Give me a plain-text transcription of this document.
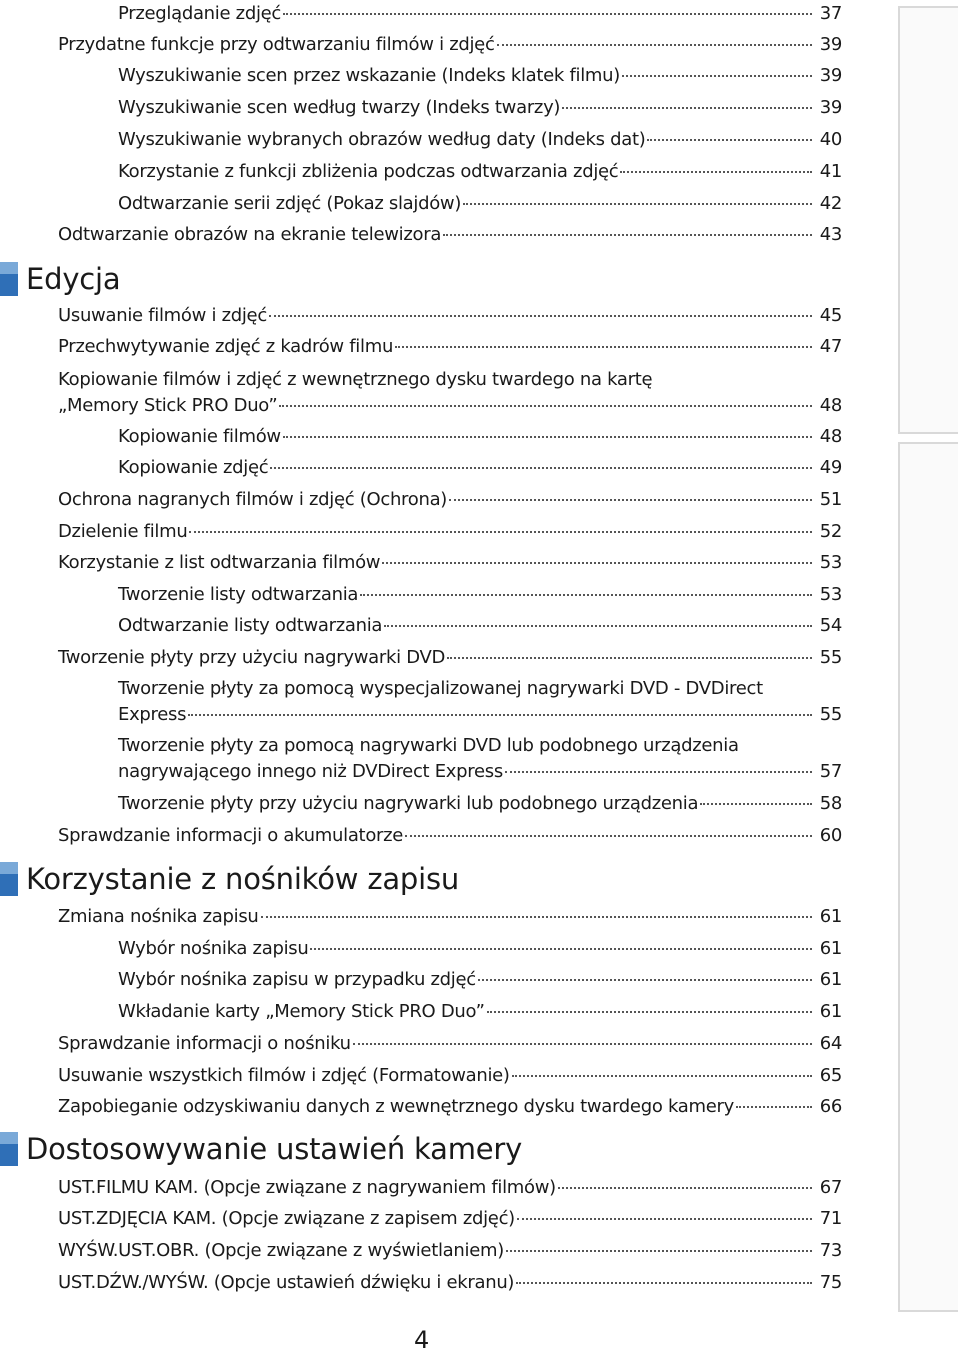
Przeglądanie zdjęć	37
Przydatne funkcje przy odtwarzaniu filmów i zdjęć	39
Wyszukiwanie scen przez wskazanie (Indeks klatek filmu)	39
Wyszukiwanie scen według twarzy (Indeks twarzy)	39
Wyszukiwanie wybranych obrazów według daty (Indeks dat)	40
Korzystanie z funkcji zbliżenia podczas odtwarzania zdjęć	41
Odtwarzanie serii zdjęć (Pokaz slajdów)	42
Odtwarzanie obrazów na ekranie telewizora	43
Usuwanie filmów i zdjęć	45
Przechwytywanie zdjęć z kadrów filmu	47
Kopiowanie filmów i zdjęć z wewnętrznego dysku twardego na kartę
„Memory Stick PRO Duo”	48
Kopiowanie filmów	48
Kopiowanie zdjęć	49
Ochrona nagranych filmów i zdjęć (Ochrona)	51
Dzielenie filmu	52
Korzystanie z list odtwarzania filmów	53
Tworzenie listy odtwarzania	53
Odtwarzanie listy odtwarzania	54
Tworzenie płyty przy użyciu nagrywarki DVD	55
Tworzenie płyty za pomocą wyspecjalizowanej nagrywarki DVD - DVDirect
Express	55
Tworzenie płyty za pomocą nagrywarki DVD lub podobnego urządzenia
nagrywającego innego niż DVDirect Express	57
Tworzenie płyty przy użyciu nagrywarki lub podobnego urządzenia	58
Sprawdzanie informacji o akumulatorze	60
Zmiana nośnika zapisu	61
Wybór nośnika zapisu	61
Wybór nośnika zapisu w przypadku zdjęć	61
Wkładanie karty „Memory Stick PRO Duo”	61
Sprawdzanie informacji o nośniku	64
Usuwanie wszystkich filmów i zdjęć (Formatowanie)	65
Zapobieganie odzyskiwaniu danych z wewnętrznego dysku twardego kamery	66
UST.FILMU KAM. (Opcje związane z nagrywaniem filmów)	67
UST.ZDJĘCIA KAM. (Opcje związane z zapisem zdjęć)	71
WYŚW.UST.OBR. (Opcje związane z wyświetlaniem)	73
UST.DŹW./WYŚW. (Opcje ustawień dźwięku i ekranu)	75
Edycja
Korzystanie z nośników zapisu
Dostosowywanie ustawień kamery
4
